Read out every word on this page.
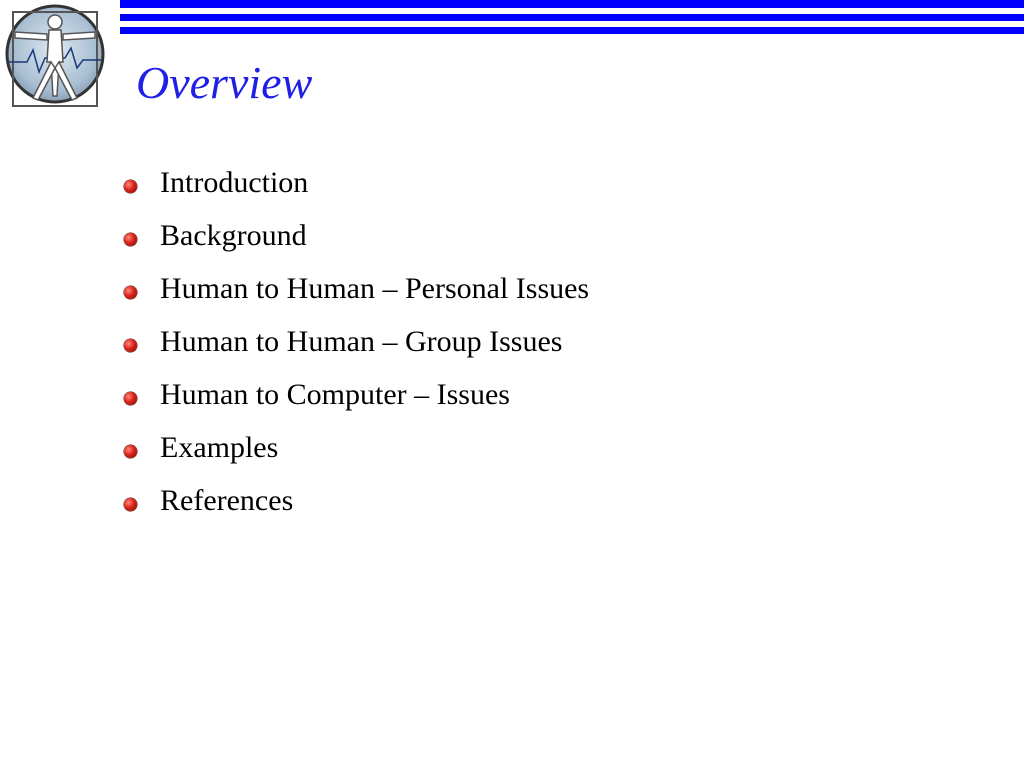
Overview
Introduction
Background
Human to Human – Personal Issues
Human to Human – Group Issues
Human to Computer – Issues
Examples
References
